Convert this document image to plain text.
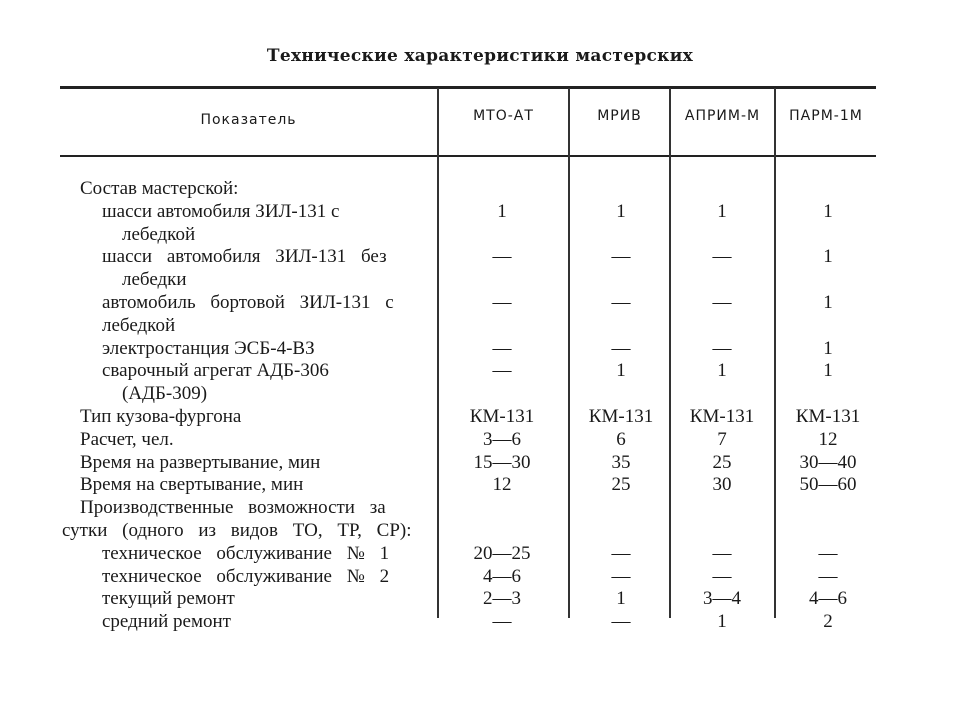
Технические характеристики мастерских
Показатель	МТО-АТ	МРИВ	АПРИМ-М	ПАРМ-1М
Состав мастерской:
шасси автомобиля ЗИЛ-131 с	1	1	1	1
лебедкой
шасси автомобиля ЗИЛ-131 без	—	—	—	1
лебедки
автомобиль бортовой ЗИЛ-131 с	—	—	—	1
лебедкой
электростанция ЭСБ-4-ВЗ	—	—	—	1
сварочный агрегат АДБ-306	—	1	1	1
(АДБ-309)
Тип кузова-фургона	КМ-131	КМ-131	КМ-131	КМ-131
Расчет, чел.	3—6	6	7	12
Время на развертывание, мин	15—30	35	25	30—40
Время на свертывание, мин	12	25	30	50—60
Производственные возможности за
сутки (одного из видов ТО, ТР, СР):
техническое обслуживание № 1	20—25	—	—	—
техническое обслуживание № 2	4—6	—	—	—
текущий ремонт	2—3	1	3—4	4—6
средний ремонт	—	—	1	2
